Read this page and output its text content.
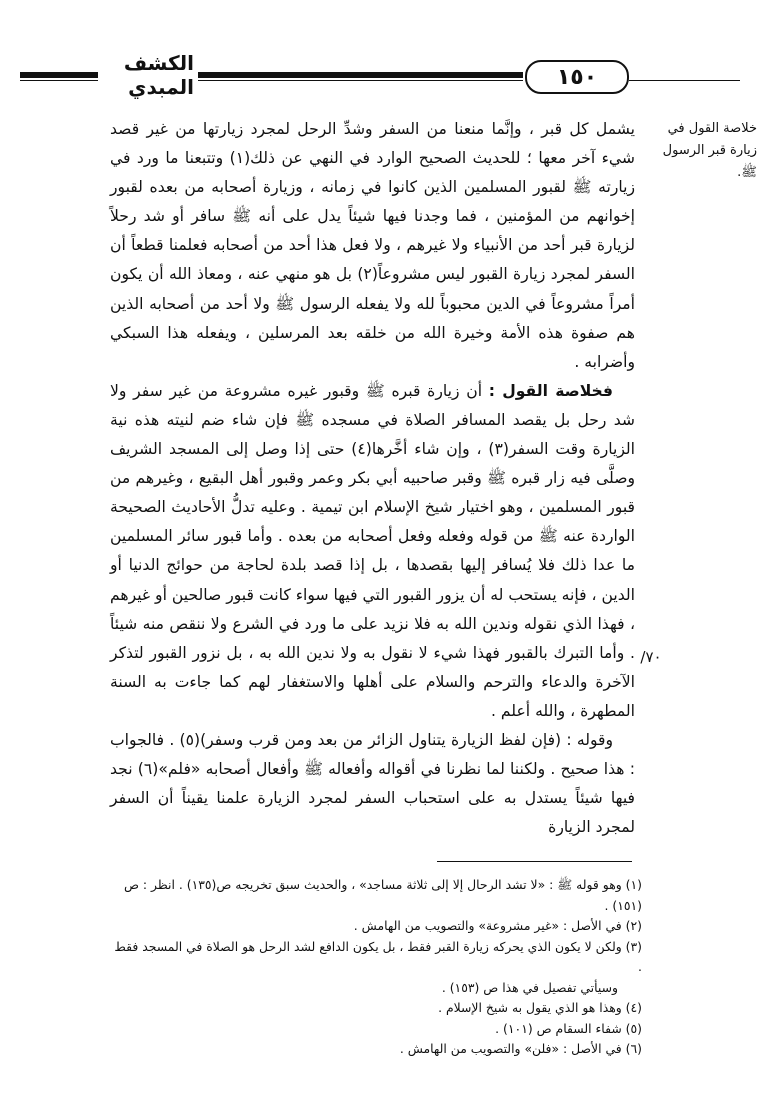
الكشف المبدي	١٥٠
خلاصة القول في زيارة قبر الرسول ﷺ.
٧٠/

يشمل كل قبر ، وإنَّما منعنا من السفر وشدِّ الرحل لمجرد زيارتها من غير قصد شيء آخر معها ؛ للحديث الصحيح الوارد في النهي عن ذلك(١) وتتبعنا ما ورد في زيارته ﷺ لقبور المسلمين الذين كانوا في زمانه ، وزيارة أصحابه من بعده لقبور إخوانهم من المؤمنين ، فما وجدنا فيها شيئاً يدل على أنه ﷺ سافر أو شد رحلاً لزيارة قبر أحد من الأنبياء ولا غيرهم ، ولا فعل هذا أحد من أصحابه فعلمنا قطعاً أن السفر لمجرد زيارة القبور ليس مشروعاً(٢) بل هو منهي عنه ، ومعاذ الله أن يكون أمراً مشروعاً في الدين محبوباً لله ولا يفعله الرسول ﷺ ولا أحد من أصحابه الذين هم صفوة هذه الأمة وخيرة الله من خلقه بعد المرسلين ، ويفعله هذا السبكي وأضرابه .

فخلاصة القول : أن زيارة قبره ﷺ وقبور غيره مشروعة من غير سفر ولا شد رحل بل يقصد المسافر الصلاة في مسجده ﷺ فإن شاء ضم لنيته هذه نية الزيارة وقت السفر(٣) ، وإن شاء أخَّرها(٤) حتى إذا وصل إلى المسجد الشريف وصلَّى فيه زار قبره ﷺ وقبر صاحبيه أبي بكر وعمر وقبور أهل البقيع ، وغيرهم من قبور المسلمين ، وهو اختيار شيخ الإسلام ابن تيمية . وعليه تدلُّ الأحاديث الصحيحة الواردة عنه ﷺ من قوله وفعله وفعل أصحابه من بعده . وأما قبور سائر المسلمين ما عدا ذلك فلا يُسافر إليها بقصدها ، بل إذا قصد بلدة لحاجة من حوائج الدنيا أو الدين ، فإنه يستحب له أن يزور القبور التي فيها سواء كانت قبور صالحين أو غيرهم ، فهذا الذي نقوله وندين الله به فلا نزيد على ما ورد في الشرع ولا ننقص منه شيئاً . وأما التبرك بالقبور فهذا شيء لا نقول به ولا ندين الله به ، بل نزور القبور لتذكر الآخرة والدعاء والترحم والسلام على أهلها والاستغفار لهم كما جاءت به السنة المطهرة ، والله أعلم .

وقوله : (فإن لفظ الزيارة يتناول الزائر من بعد ومن قرب وسفر)(٥) . فالجواب : هذا صحيح . ولكننا لما نظرنا في أقواله وأفعاله ﷺ وأفعال أصحابه «فلم»(٦) نجد فيها شيئاً يستدل به على استحباب السفر لمجرد الزيارة علمنا يقيناً أن السفر لمجرد الزيارة

(١) وهو قوله ﷺ : «لا تشد الرحال إلا إلى ثلاثة مساجد» ، والحديث سبق تخريجه ص(١٣٥) . انظر : ص (١٥١) .

(٢) في الأصل : «غير مشروعة» والتصويب من الهامش .

(٣) ولكن لا يكون الذي يحركه زيارة القبر فقط ، بل يكون الدافع لشد الرحل هو الصلاة في المسجد فقط .

وسيأتي تفصيل في هذا ص (١٥٣) .

(٤) وهذا هو الذي يقول به شيخ الإسلام .

(٥) شفاء السقام ص (١٠١) .

(٦) في الأصل : «فلن» والتصويب من الهامش .
